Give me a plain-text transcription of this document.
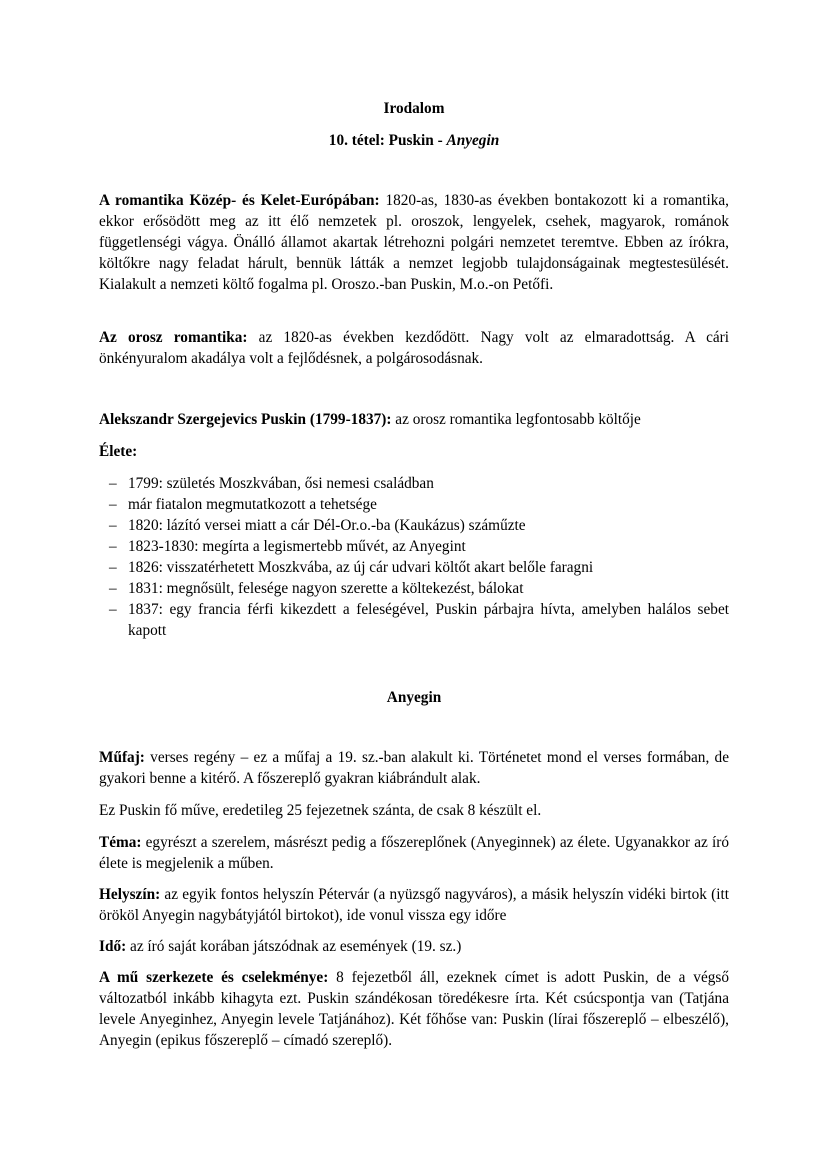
Irodalom
10. tétel: Puskin - Anyegin

A romantika Közép- és Kelet-Európában: 1820-as, 1830-as években bontakozott ki a romantika, ekkor erősödött meg az itt élő nemzetek pl. oroszok, lengyelek, csehek, magyarok, románok függetlenségi vágya. Önálló államot akartak létrehozni polgári nemzetet teremtve. Ebben az írókra, költőkre nagy feladat hárult, bennük látták a nemzet legjobb tulajdonságainak megtestesülését. Kialakult a nemzeti költő fogalma pl. Oroszo.-ban Puskin, M.o.-on Petőfi.

Az orosz romantika: az 1820-as években kezdődött. Nagy volt az elmaradottság. A cári önkényuralom akadálya volt a fejlődésnek, a polgárosodásnak.

Alekszandr Szergejevics Puskin (1799-1837): az orosz romantika legfontosabb költője

Élete:
– 1799: születés Moszkvában, ősi nemesi családban
– már fiatalon megmutatkozott a tehetsége
– 1820: lázító versei miatt a cár Dél-Or.o.-ba (Kaukázus) száműzte
– 1823-1830: megírta a legismertebb művét, az Anyegint
– 1826: visszatérhetett Moszkvába, az új cár udvari költőt akart belőle faragni
– 1831: megnősült, felesége nagyon szerette a költekezést, bálokat
– 1837: egy francia férfi kikezdett a feleségével, Puskin párbajra hívta, amelyben halálos sebet kapott
Anyegin

Műfaj: verses regény – ez a műfaj a 19. sz.-ban alakult ki. Történetet mond el verses formában, de gyakori benne a kitérő. A főszereplő gyakran kiábrándult alak.

Ez Puskin fő műve, eredetileg 25 fejezetnek szánta, de csak 8 készült el.

Téma: egyrészt a szerelem, másrészt pedig a főszereplőnek (Anyeginnek) az élete. Ugyanakkor az író élete is megjelenik a műben.

Helyszín: az egyik fontos helyszín Pétervár (a nyüzsgő nagyváros), a másik helyszín vidéki birtok (itt örököl Anyegin nagybátyjától birtokot), ide vonul vissza egy időre

Idő: az író saját korában játszódnak az események (19. sz.)

A mű szerkezete és cselekménye: 8 fejezetből áll, ezeknek címet is adott Puskin, de a végső változatból inkább kihagyta ezt. Puskin szándékosan töredékesre írta. Két csúcspontja van (Tatjána levele Anyeginhez, Anyegin levele Tatjánához). Két főhőse van: Puskin (lírai főszereplő – elbeszélő), Anyegin (epikus főszereplő – címadó szereplő).
